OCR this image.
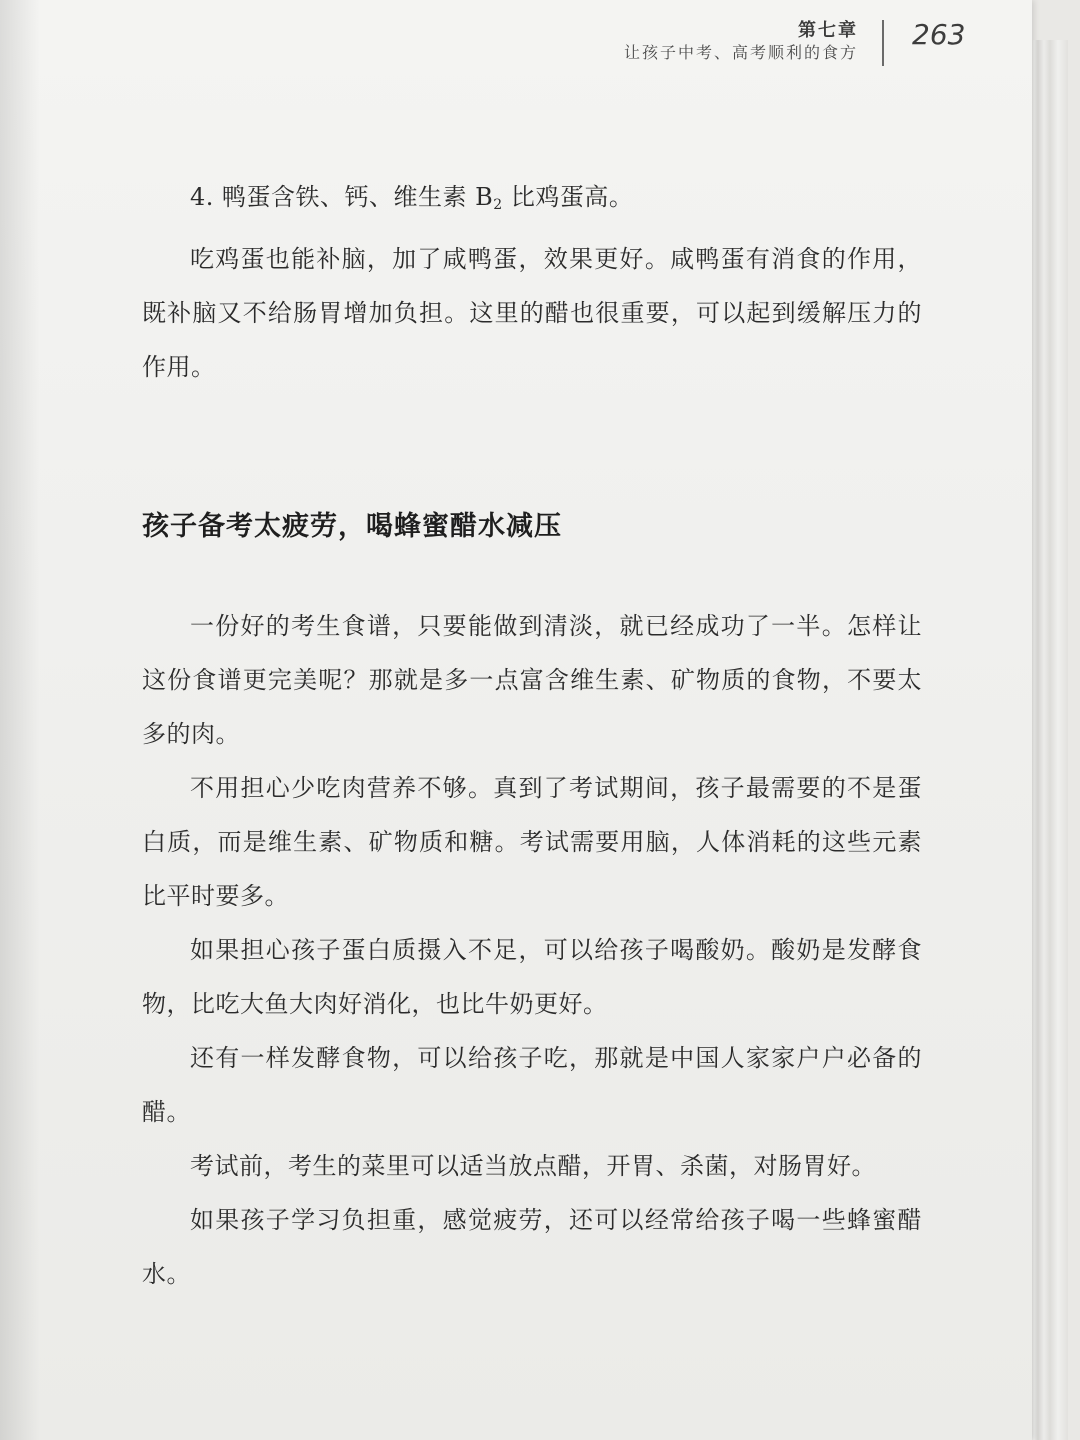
第七章
让孩子中考、高考顺利的食方
263

4. 鸭蛋含铁、钙、维生素 $B_2$ 比鸡蛋高。

吃鸡蛋也能补脑，加了咸鸭蛋，效果更好。咸鸭蛋有消食的作用，既补脑又不给肠胃增加负担。这里的醋也很重要，可以起到缓解压力的作用。

孩子备考太疲劳，喝蜂蜜醋水减压

一份好的考生食谱，只要能做到清淡，就已经成功了一半。怎样让这份食谱更完美呢？那就是多一点富含维生素、矿物质的食物，不要太多的肉。

不用担心少吃肉营养不够。真到了考试期间，孩子最需要的不是蛋白质，而是维生素、矿物质和糖。考试需要用脑，人体消耗的这些元素比平时要多。

如果担心孩子蛋白质摄入不足，可以给孩子喝酸奶。酸奶是发酵食物，比吃大鱼大肉好消化，也比牛奶更好。

还有一样发酵食物，可以给孩子吃，那就是中国人家家户户必备的醋。

考试前，考生的菜里可以适当放点醋，开胃、杀菌，对肠胃好。

如果孩子学习负担重，感觉疲劳，还可以经常给孩子喝一些蜂蜜醋水。
